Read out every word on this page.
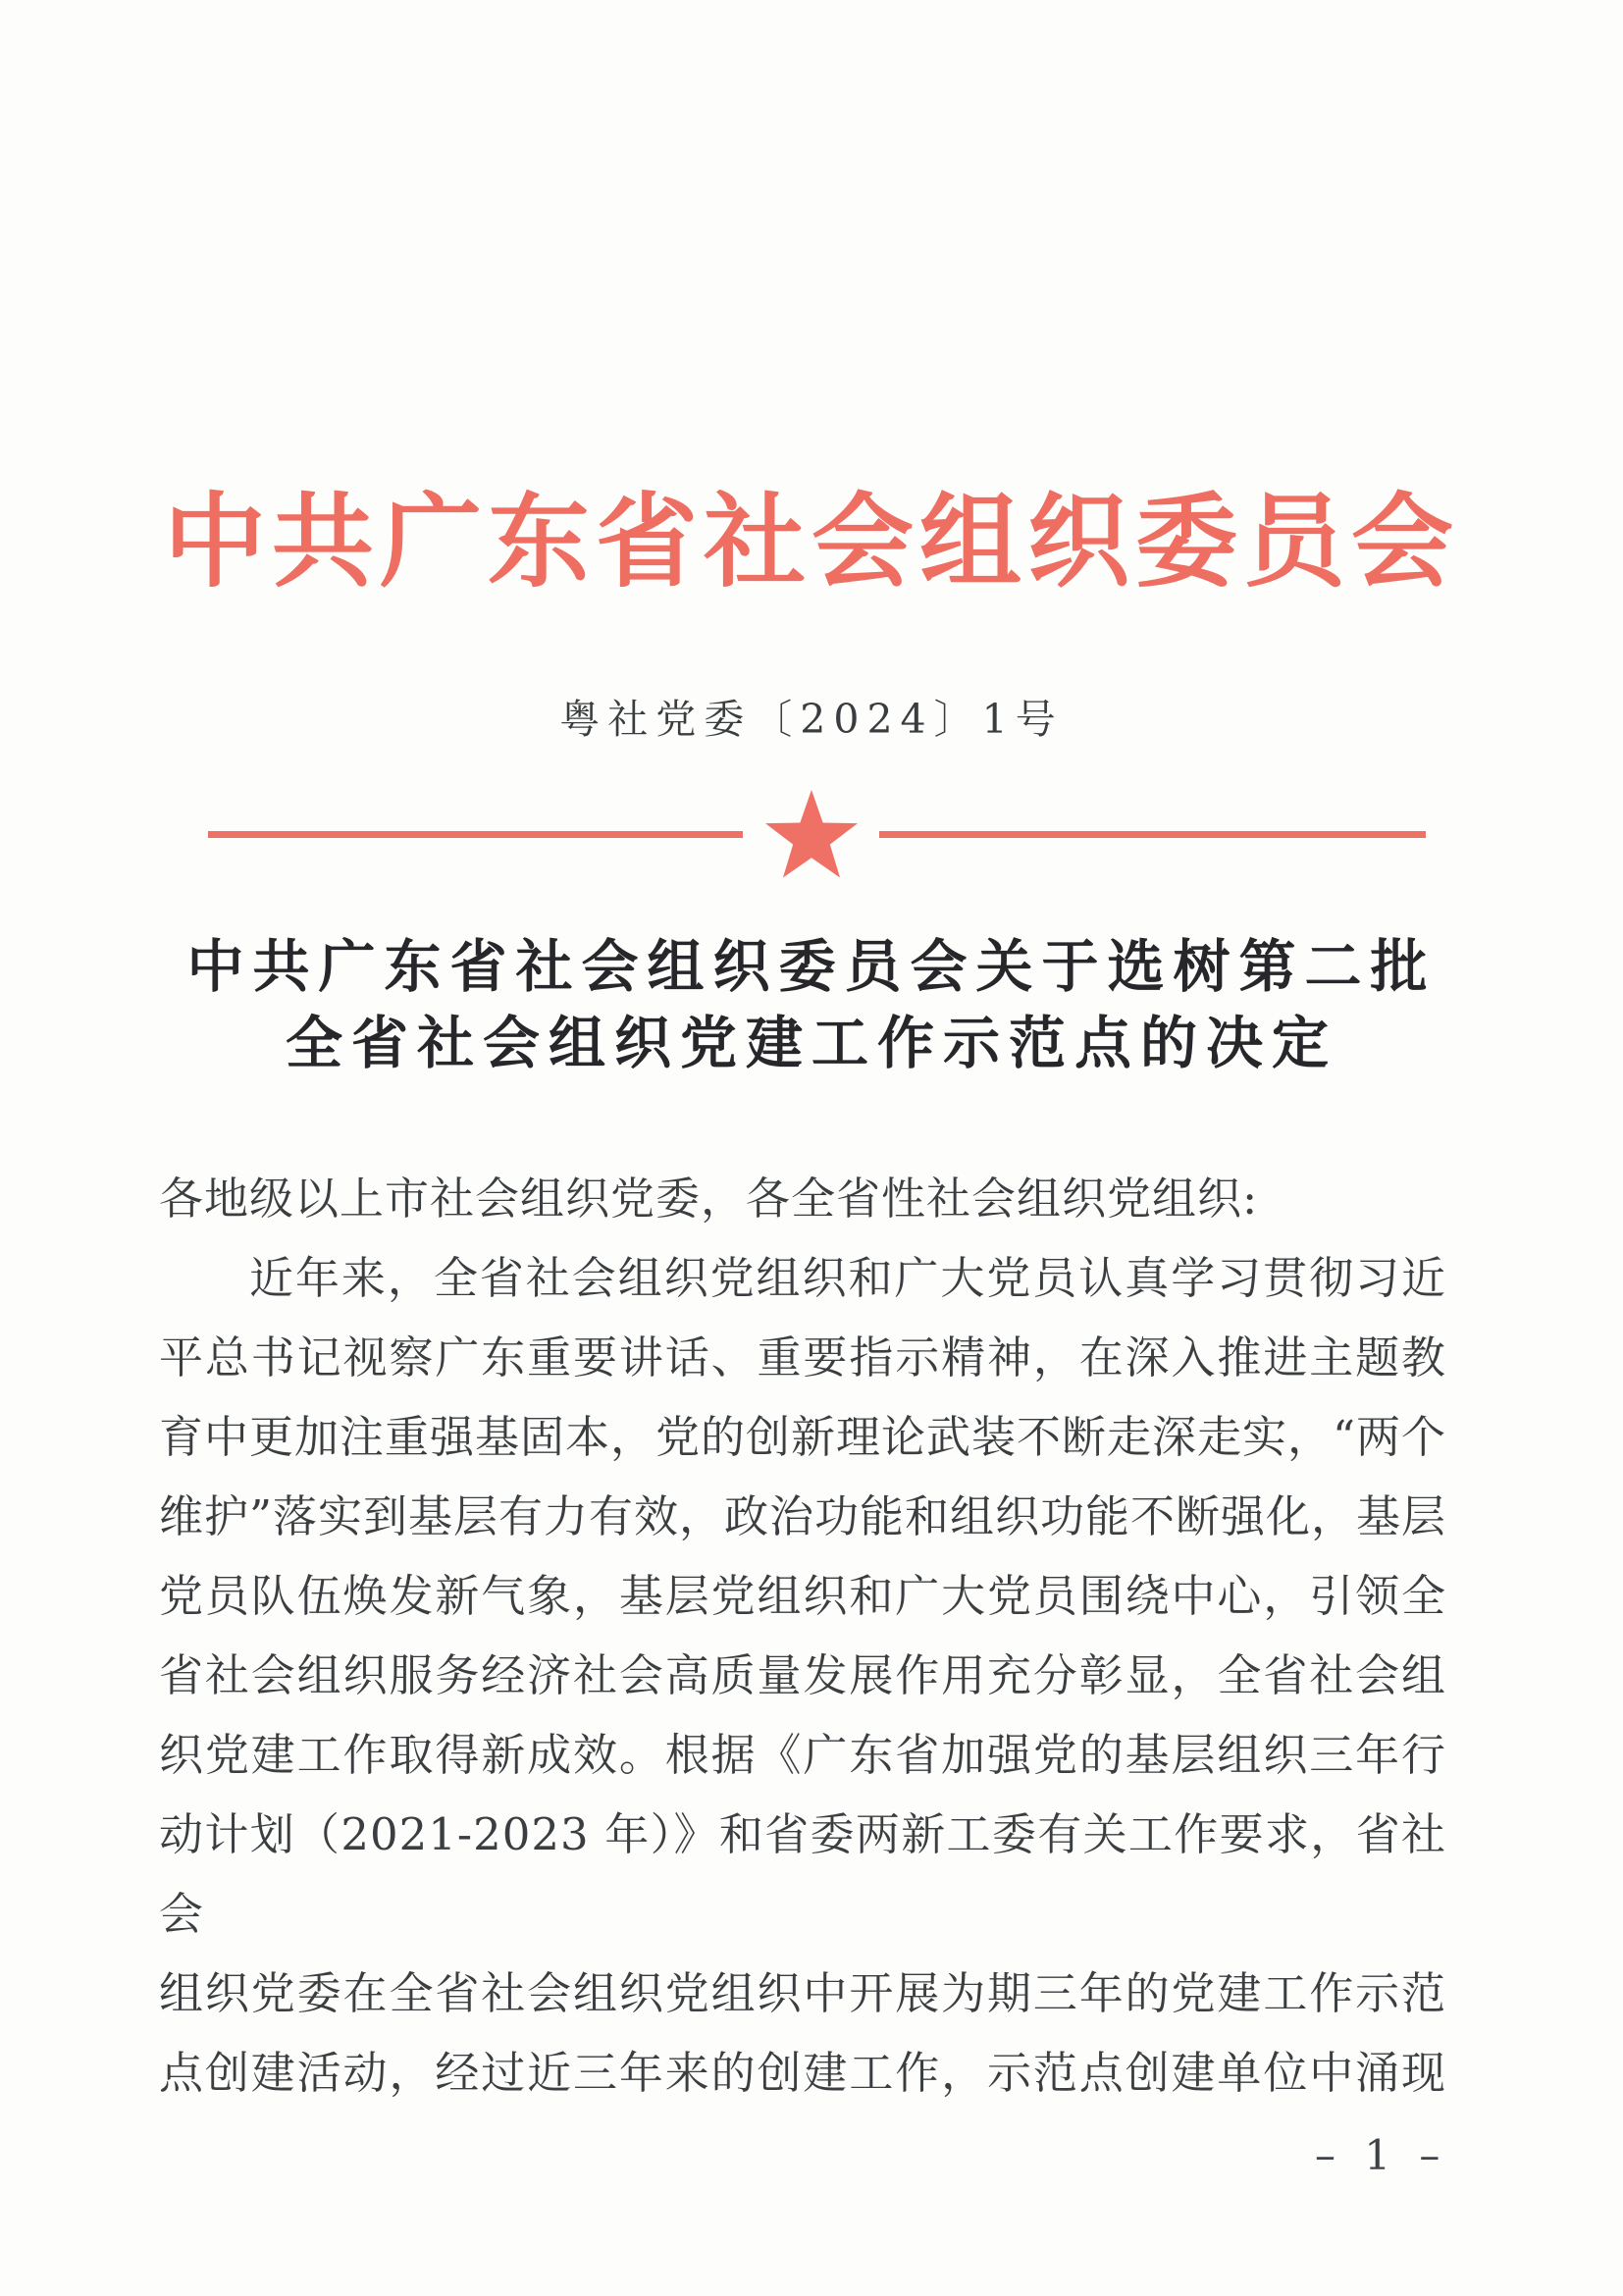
中共广东省社会组织委员会
粤社党委〔2024〕1号
中共广东省社会组织委员会关于选树第二批
全省社会组织党建工作示范点的决定
各地级以上市社会组织党委，各全省性社会组织党组织:
近年来，全省社会组织党组织和广大党员认真学习贯彻习近
平总书记视察广东重要讲话、重要指示精神，在深入推进主题教
育中更加注重强基固本，党的创新理论武装不断走深走实，“两个
维护”落实到基层有力有效，政治功能和组织功能不断强化，基层
党员队伍焕发新气象，基层党组织和广大党员围绕中心，引领全
省社会组织服务经济社会高质量发展作用充分彰显，全省社会组
织党建工作取得新成效。根据《广东省加强党的基层组织三年行
动计划（2021-2023 年）》和省委两新工委有关工作要求，省社会
组织党委在全省社会组织党组织中开展为期三年的党建工作示范
点创建活动，经过近三年来的创建工作，示范点创建单位中涌现
– 1 –
